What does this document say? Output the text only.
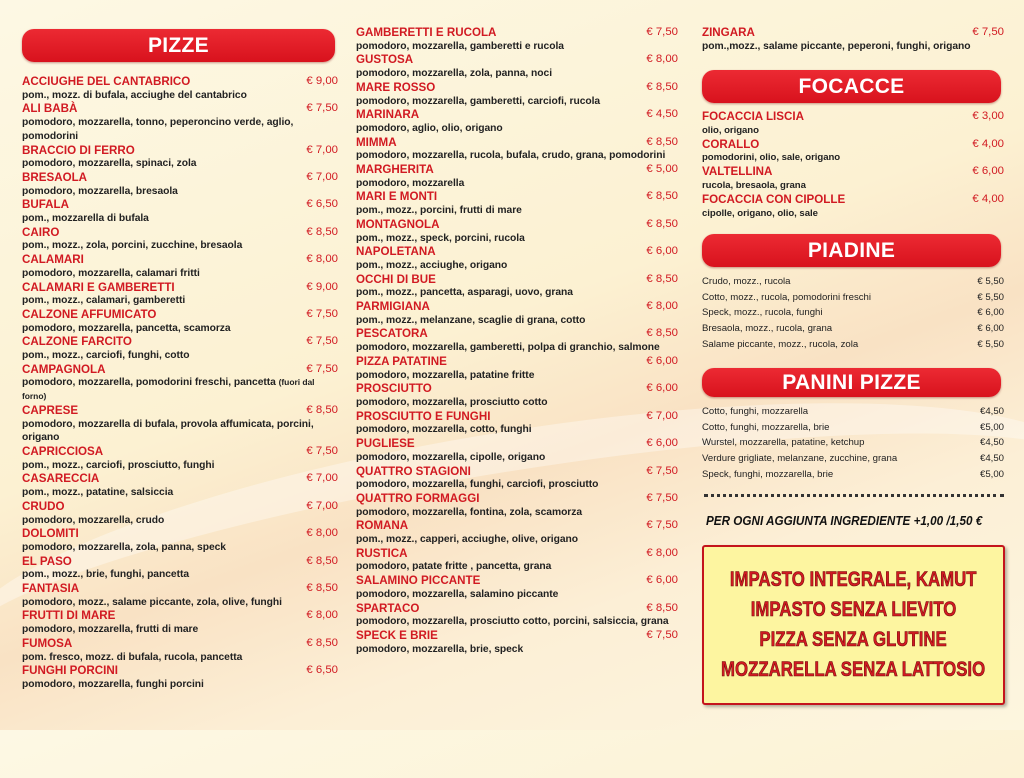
PIZZE
ACCIUGHE DEL CANTABRICO	€ 9,00
pom., mozz. di bufala, acciughe del cantabrico
ALI BABÀ	€ 7,50
pomodoro, mozzarella, tonno, peperoncino verde, aglio, pomodorini
BRACCIO DI FERRO	€ 7,00
pomodoro, mozzarella, spinaci, zola
BRESAOLA	€ 7,00
pomodoro, mozzarella, bresaola
BUFALA	€ 6,50
pom., mozzarella di bufala
CAIRO	€ 8,50
pom., mozz., zola, porcini, zucchine, bresaola
CALAMARI	€ 8,00
pomodoro, mozzarella, calamari fritti
CALAMARI E GAMBERETTI	€ 9,00
pom., mozz., calamari, gamberetti
CALZONE AFFUMICATO	€ 7,50
pomodoro, mozzarella, pancetta, scamorza
CALZONE FARCITO	€ 7,50
pom., mozz., carciofi, funghi, cotto
CAMPAGNOLA	€ 7,50
pomodoro, mozzarella, pomodorini freschi, pancetta (fuori dal forno)
CAPRESE	€ 8,50
pomodoro, mozzarella di bufala, provola affumicata, porcini, origano
CAPRICCIOSA	€ 7,50
pom., mozz., carciofi, prosciutto, funghi
CASARECCIA	€ 7,00
pom., mozz., patatine, salsiccia
CRUDO	€ 7,00
pomodoro, mozzarella, crudo
DOLOMITI	€ 8,00
pomodoro, mozzarella, zola, panna, speck
EL PASO	€ 8,50
pom., mozz., brie, funghi, pancetta
FANTASIA	€ 8,50
pomodoro, mozz., salame piccante, zola, olive, funghi
FRUTTI DI MARE	€ 8,00
pomodoro, mozzarella, frutti di mare
FUMOSA	€ 8,50
pom. fresco, mozz. di bufala, rucola, pancetta
FUNGHI PORCINI	€ 6,50
pomodoro, mozzarella, funghi porcini
GAMBERETTI E RUCOLA	€ 7,50
pomodoro, mozzarella, gamberetti e rucola
GUSTOSA	€ 8,00
pomodoro, mozzarella, zola, panna, noci
MARE ROSSO	€ 8,50
pomodoro, mozzarella, gamberetti, carciofi, rucola
MARINARA	€ 4,50
pomodoro, aglio, olio, origano
MIMMA	€ 8,50
pomodoro, mozzarella, rucola, bufala, crudo, grana, pomodorini
MARGHERITA	€ 5,00
pomodoro, mozzarella
MARI E MONTI	€ 8,50
pom., mozz., porcini, frutti di mare
MONTAGNOLA	€ 8,50
pom., mozz., speck, porcini, rucola
NAPOLETANA	€ 6,00
pom., mozz., acciughe, origano
OCCHI DI BUE	€ 8,50
pom., mozz., pancetta, asparagi, uovo, grana
PARMIGIANA	€ 8,00
pom., mozz., melanzane, scaglie di grana, cotto
PESCATORA	€ 8,50
pomodoro, mozzarella, gamberetti, polpa di granchio, salmone
PIZZA PATATINE	€ 6,00
pomodoro, mozzarella, patatine fritte
PROSCIUTTO	€ 6,00
pomodoro, mozzarella, prosciutto cotto
PROSCIUTTO E FUNGHI	€ 7,00
pomodoro, mozzarella, cotto, funghi
PUGLIESE	€ 6,00
pomodoro, mozzarella, cipolle, origano
QUATTRO STAGIONI	€ 7,50
pomodoro, mozzarella, funghi, carciofi, prosciutto
QUATTRO FORMAGGI	€ 7,50
pomodoro, mozzarella, fontina, zola, scamorza
ROMANA	€ 7,50
pom., mozz., capperi, acciughe, olive, origano
RUSTICA	€ 8,00
pomodoro, patate fritte , pancetta, grana
SALAMINO PICCANTE	€ 6,00
pomodoro, mozzarella, salamino piccante
SPARTACO	€ 8,50
pomodoro, mozzarella, prosciutto cotto, porcini, salsiccia, grana
SPECK E BRIE	€ 7,50
pomodoro, mozzarella, brie, speck
ZINGARA	€ 7,50
pom.,mozz., salame piccante, peperoni, funghi, origano
FOCACCE
FOCACCIA LISCIA	€ 3,00
olio, origano
CORALLO	€ 4,00
pomodorini, olio, sale, origano
VALTELLINA	€ 6,00
rucola, bresaola, grana
FOCACCIA CON CIPOLLE	€ 4,00
cipolle, origano, olio, sale
PIADINE
Crudo, mozz., rucola	€ 5,50
Cotto, mozz., rucola, pomodorini freschi	€ 5,50
Speck, mozz., rucola, funghi	€ 6,00
Bresaola, mozz., rucola, grana	€ 6,00
Salame piccante, mozz., rucola, zola	€ 5,50
PANINI PIZZE
Cotto, funghi, mozzarella	€4,50
Cotto, funghi, mozzarella, brie	€5,00
Wurstel, mozzarella, patatine, ketchup	€4,50
Verdure grigliate, melanzane, zucchine, grana	€4,50
Speck, funghi, mozzarella, brie	€5,00
PER OGNI AGGIUNTA INGREDIENTE +1,00 /1,50 €
IMPASTO INTEGRALE, KAMUT
IMPASTO SENZA LIEVITO
PIZZA SENZA GLUTINE
MOZZARELLA SENZA LATTOSIO
